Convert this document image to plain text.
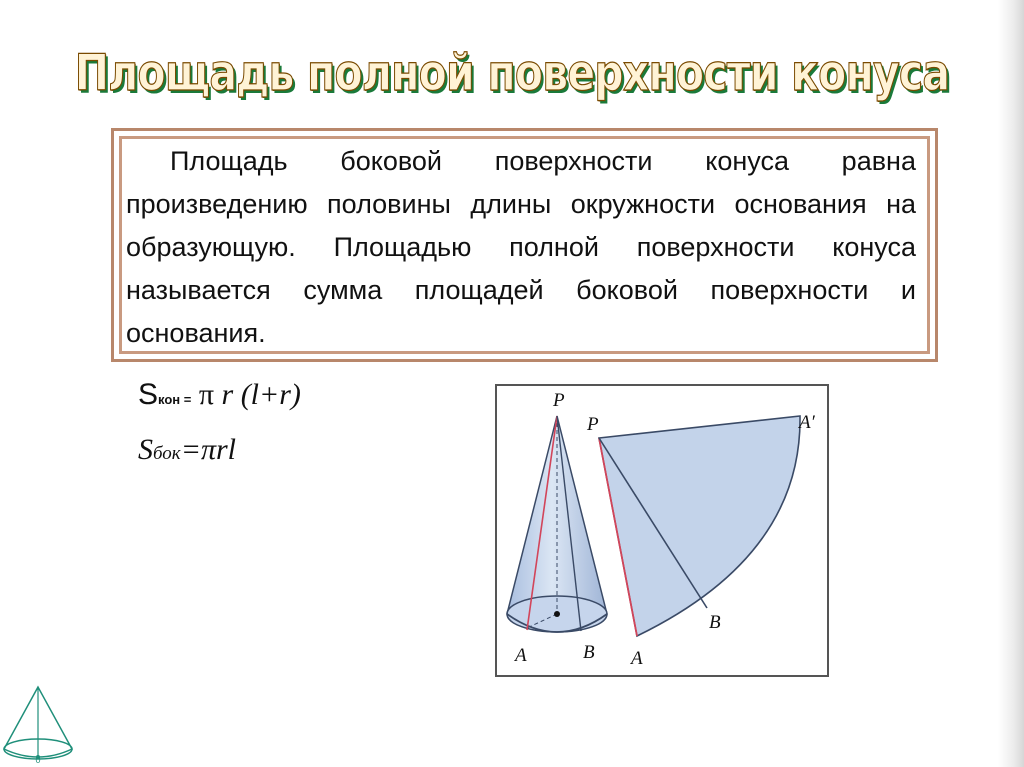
Площадь полной поверхности конуса
Площадь боковой поверхности конуса равна произведению половины длины окружности основания на образующую. Площадью полной поверхности конуса называется сумма площадей боковой поверхности и основания.
Sкон = π r (l+r)
Sбок=πrl
P
A	B
P	A′
A
B
0
